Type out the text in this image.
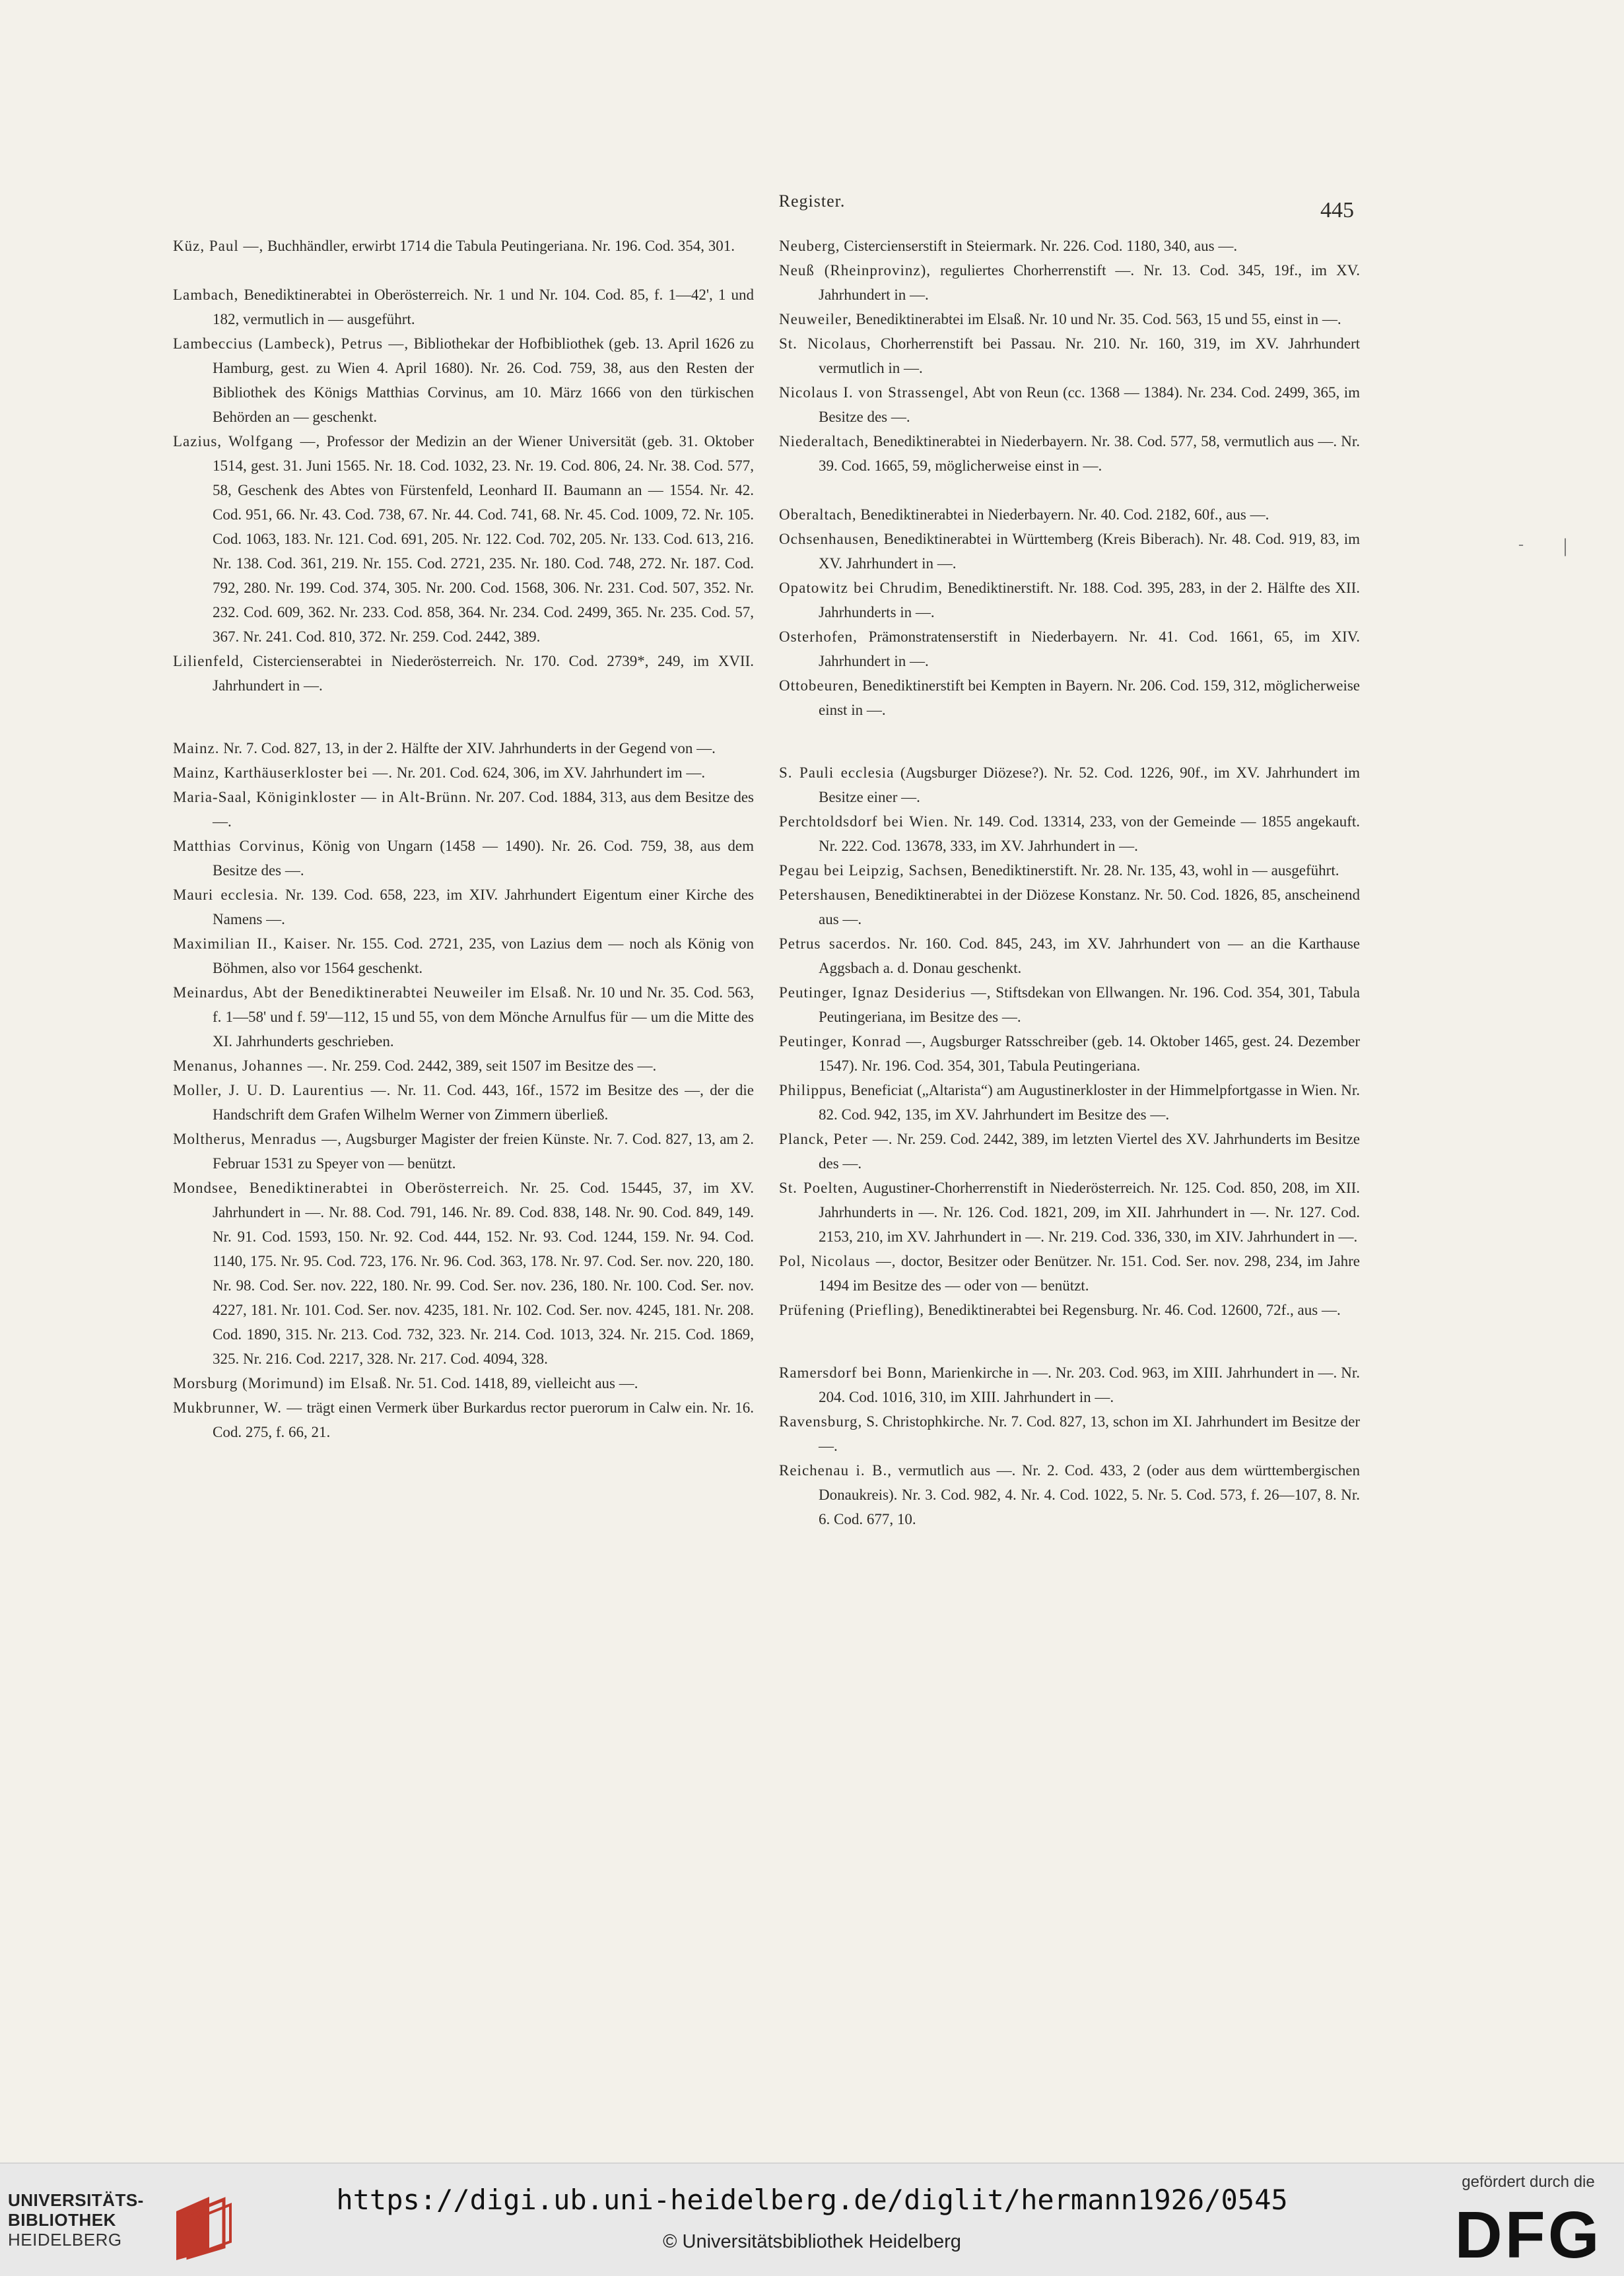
Register.	445
- |

Küz, Paul —, Buchhändler, erwirbt 1714 die Tabula Peutingeriana. Nr. 196. Cod. 354, 301.

Lambach, Benediktinerabtei in Oberösterreich. Nr. 1 und Nr. 104. Cod. 85, f. 1—42', 1 und 182, vermutlich in — ausgeführt.

Lambeccius (Lambeck), Petrus —, Bibliothekar der Hofbibliothek (geb. 13. April 1626 zu Hamburg, gest. zu Wien 4. April 1680). Nr. 26. Cod. 759, 38, aus den Resten der Bibliothek des Königs Matthias Corvinus, am 10. März 1666 von den türkischen Behörden an — geschenkt.

Lazius, Wolfgang —, Professor der Medizin an der Wiener Universität (geb. 31. Oktober 1514, gest. 31. Juni 1565. Nr. 18. Cod. 1032, 23. Nr. 19. Cod. 806, 24. Nr. 38. Cod. 577, 58, Geschenk des Abtes von Fürstenfeld, Leonhard II. Baumann an — 1554. Nr. 42. Cod. 951, 66. Nr. 43. Cod. 738, 67. Nr. 44. Cod. 741, 68. Nr. 45. Cod. 1009, 72. Nr. 105. Cod. 1063, 183. Nr. 121. Cod. 691, 205. Nr. 122. Cod. 702, 205. Nr. 133. Cod. 613, 216. Nr. 138. Cod. 361, 219. Nr. 155. Cod. 2721, 235. Nr. 180. Cod. 748, 272. Nr. 187. Cod. 792, 280. Nr. 199. Cod. 374, 305. Nr. 200. Cod. 1568, 306. Nr. 231. Cod. 507, 352. Nr. 232. Cod. 609, 362. Nr. 233. Cod. 858, 364. Nr. 234. Cod. 2499, 365. Nr. 235. Cod. 57, 367. Nr. 241. Cod. 810, 372. Nr. 259. Cod. 2442, 389.

Lilienfeld, Cistercienserabtei in Niederösterreich. Nr. 170. Cod. 2739*, 249, im XVII. Jahrhundert in —.

Mainz. Nr. 7. Cod. 827, 13, in der 2. Hälfte der XIV. Jahrhunderts in der Gegend von —.

Mainz, Karthäuserkloster bei —. Nr. 201. Cod. 624, 306, im XV. Jahrhundert im —.

Maria-Saal, Königinkloster — in Alt-Brünn. Nr. 207. Cod. 1884, 313, aus dem Besitze des —.

Matthias Corvinus, König von Ungarn (1458 — 1490). Nr. 26. Cod. 759, 38, aus dem Besitze des —.

Mauri ecclesia. Nr. 139. Cod. 658, 223, im XIV. Jahrhundert Eigentum einer Kirche des Namens —.

Maximilian II., Kaiser. Nr. 155. Cod. 2721, 235, von Lazius dem — noch als König von Böhmen, also vor 1564 geschenkt.

Meinardus, Abt der Benediktinerabtei Neuweiler im Elsaß. Nr. 10 und Nr. 35. Cod. 563, f. 1—58' und f. 59'—112, 15 und 55, von dem Mönche Arnulfus für — um die Mitte des XI. Jahrhunderts geschrieben.

Menanus, Johannes —. Nr. 259. Cod. 2442, 389, seit 1507 im Besitze des —.

Moller, J. U. D. Laurentius —. Nr. 11. Cod. 443, 16f., 1572 im Besitze des —, der die Handschrift dem Grafen Wilhelm Werner von Zimmern überließ.

Moltherus, Menradus —, Augsburger Magister der freien Künste. Nr. 7. Cod. 827, 13, am 2. Februar 1531 zu Speyer von — benützt.

Mondsee, Benediktinerabtei in Oberösterreich. Nr. 25. Cod. 15445, 37, im XV. Jahrhundert in —. Nr. 88. Cod. 791, 146. Nr. 89. Cod. 838, 148. Nr. 90. Cod. 849, 149. Nr. 91. Cod. 1593, 150. Nr. 92. Cod. 444, 152. Nr. 93. Cod. 1244, 159. Nr. 94. Cod. 1140, 175. Nr. 95. Cod. 723, 176. Nr. 96. Cod. 363, 178. Nr. 97. Cod. Ser. nov. 220, 180. Nr. 98. Cod. Ser. nov. 222, 180. Nr. 99. Cod. Ser. nov. 236, 180. Nr. 100. Cod. Ser. nov. 4227, 181. Nr. 101. Cod. Ser. nov. 4235, 181. Nr. 102. Cod. Ser. nov. 4245, 181. Nr. 208. Cod. 1890, 315. Nr. 213. Cod. 732, 323. Nr. 214. Cod. 1013, 324. Nr. 215. Cod. 1869, 325. Nr. 216. Cod. 2217, 328. Nr. 217. Cod. 4094, 328.

Morsburg (Morimund) im Elsaß. Nr. 51. Cod. 1418, 89, vielleicht aus —.

Mukbrunner, W. — trägt einen Vermerk über Burkardus rector puerorum in Calw ein. Nr. 16. Cod. 275, f. 66, 21.

Neuberg, Cistercienserstift in Steiermark. Nr. 226. Cod. 1180, 340, aus —.

Neuß (Rheinprovinz), reguliertes Chorherrenstift —. Nr. 13. Cod. 345, 19f., im XV. Jahrhundert in —.

Neuweiler, Benediktinerabtei im Elsaß. Nr. 10 und Nr. 35. Cod. 563, 15 und 55, einst in —.

St. Nicolaus, Chorherrenstift bei Passau. Nr. 210. Nr. 160, 319, im XV. Jahrhundert vermutlich in —.

Nicolaus I. von Strassengel, Abt von Reun (cc. 1368 — 1384). Nr. 234. Cod. 2499, 365, im Besitze des —.

Niederaltach, Benediktinerabtei in Niederbayern. Nr. 38. Cod. 577, 58, vermutlich aus —. Nr. 39. Cod. 1665, 59, möglicherweise einst in —.

Oberaltach, Benediktinerabtei in Niederbayern. Nr. 40. Cod. 2182, 60f., aus —.

Ochsenhausen, Benediktinerabtei in Württemberg (Kreis Biberach). Nr. 48. Cod. 919, 83, im XV. Jahrhundert in —.

Opatowitz bei Chrudim, Benediktinerstift. Nr. 188. Cod. 395, 283, in der 2. Hälfte des XII. Jahrhunderts in —.

Osterhofen, Prämonstratenserstift in Niederbayern. Nr. 41. Cod. 1661, 65, im XIV. Jahrhundert in —.

Ottobeuren, Benediktinerstift bei Kempten in Bayern. Nr. 206. Cod. 159, 312, möglicherweise einst in —.

S. Pauli ecclesia (Augsburger Diözese?). Nr. 52. Cod. 1226, 90f., im XV. Jahrhundert im Besitze einer —.

Perchtoldsdorf bei Wien. Nr. 149. Cod. 13314, 233, von der Gemeinde — 1855 angekauft. Nr. 222. Cod. 13678, 333, im XV. Jahrhundert in —.

Pegau bei Leipzig, Sachsen, Benediktinerstift. Nr. 28. Nr. 135, 43, wohl in — ausgeführt.

Petershausen, Benediktinerabtei in der Diözese Konstanz. Nr. 50. Cod. 1826, 85, anscheinend aus —.

Petrus sacerdos. Nr. 160. Cod. 845, 243, im XV. Jahrhundert von — an die Karthause Aggsbach a. d. Donau geschenkt.

Peutinger, Ignaz Desiderius —, Stiftsdekan von Ellwangen. Nr. 196. Cod. 354, 301, Tabula Peutingeriana, im Besitze des —.

Peutinger, Konrad —, Augsburger Ratsschreiber (geb. 14. Oktober 1465, gest. 24. Dezember 1547). Nr. 196. Cod. 354, 301, Tabula Peutingeriana.

Philippus, Beneficiat („Altarista“) am Augustinerkloster in der Himmelpfortgasse in Wien. Nr. 82. Cod. 942, 135, im XV. Jahrhundert im Besitze des —.

Planck, Peter —. Nr. 259. Cod. 2442, 389, im letzten Viertel des XV. Jahrhunderts im Besitze des —.

St. Poelten, Augustiner-Chorherrenstift in Niederösterreich. Nr. 125. Cod. 850, 208, im XII. Jahrhunderts in —. Nr. 126. Cod. 1821, 209, im XII. Jahrhundert in —. Nr. 127. Cod. 2153, 210, im XV. Jahrhundert in —. Nr. 219. Cod. 336, 330, im XIV. Jahrhundert in —.

Pol, Nicolaus —, doctor, Besitzer oder Benützer. Nr. 151. Cod. Ser. nov. 298, 234, im Jahre 1494 im Besitze des — oder von — benützt.

Prüfening (Priefling), Benediktinerabtei bei Regensburg. Nr. 46. Cod. 12600, 72f., aus —.

Ramersdorf bei Bonn, Marienkirche in —. Nr. 203. Cod. 963, im XIII. Jahrhundert in —. Nr. 204. Cod. 1016, 310, im XIII. Jahrhundert in —.

Ravensburg, S. Christophkirche. Nr. 7. Cod. 827, 13, schon im XI. Jahrhundert im Besitze der —.

Reichenau i. B., vermutlich aus —. Nr. 2. Cod. 433, 2 (oder aus dem württembergischen Donaukreis). Nr. 3. Cod. 982, 4. Nr. 4. Cod. 1022, 5. Nr. 5. Cod. 573, f. 26—107, 8. Nr. 6. Cod. 677, 10.

UNIVERSITÄTS-
BIBLIOTHEK
HEIDELBERG
https://digi.ub.uni-heidelberg.de/diglit/hermann1926/0545
© Universitätsbibliothek Heidelberg
gefördert durch die
DFG
